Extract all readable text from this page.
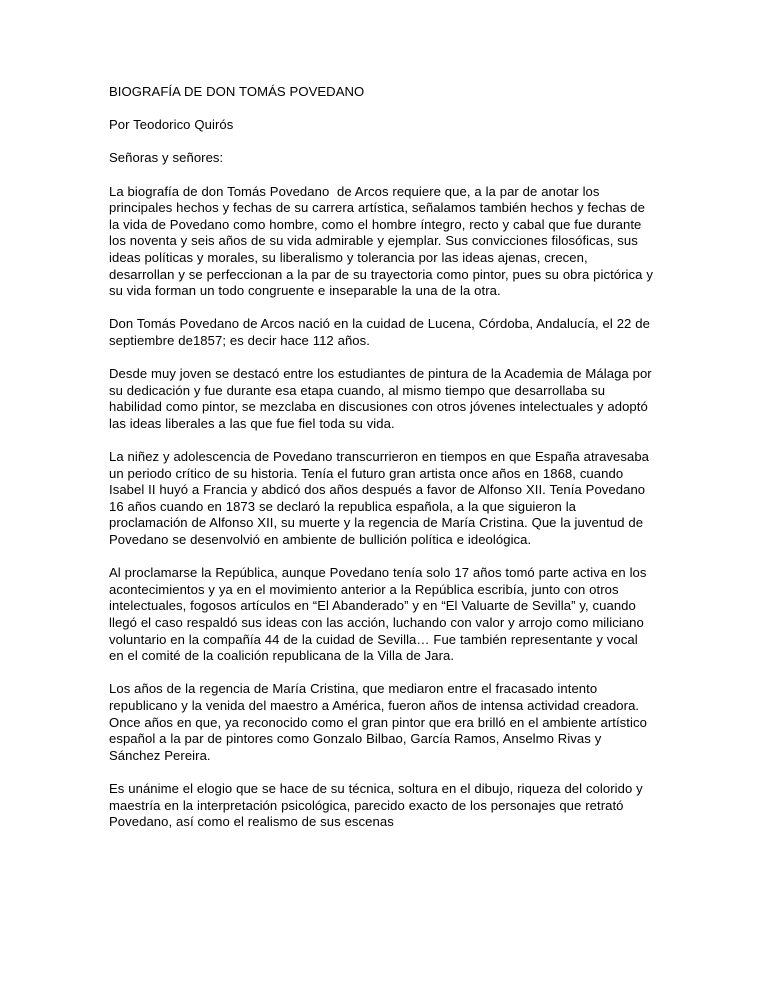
BIOGRAFÍA DE DON TOMÁS POVEDANO

Por Teodorico Quirós

Señoras y señores:

La biografía de don Tomás Povedano  de Arcos requiere que, a la par de anotar los principales hechos y fechas de su carrera artística, señalamos también hechos y fechas de la vida de Povedano como hombre, como el hombre íntegro, recto y cabal que fue durante los noventa y seis años de su vida admirable y ejemplar. Sus convicciones filosóficas, sus ideas políticas y morales, su liberalismo y tolerancia por las ideas ajenas, crecen, desarrollan y se perfeccionan a la par de su trayectoria como pintor, pues su obra pictórica y su vida forman un todo congruente e inseparable la una de la otra.

Don Tomás Povedano de Arcos nació en la cuidad de Lucena, Córdoba, Andalucía, el 22 de septiembre de1857; es decir hace 112 años.

Desde muy joven se destacó entre los estudiantes de pintura de la Academia de Málaga por su dedicación y fue durante esa etapa cuando, al mismo tiempo que desarrollaba su habilidad como pintor, se mezclaba en discusiones con otros jóvenes intelectuales y adoptó las ideas liberales a las que fue fiel toda su vida.

La niñez y adolescencia de Povedano transcurrieron en tiempos en que España atravesaba un periodo crítico de su historia. Tenía el futuro gran artista once años en 1868, cuando Isabel II huyó a Francia y abdicó dos años después a favor de Alfonso XII. Tenía Povedano 16 años cuando en 1873 se declaró la republica española, a la que siguieron la proclamación de Alfonso XII, su muerte y la regencia de María Cristina. Que la juventud de Povedano se desenvolvió en ambiente de bullición política e ideológica.

Al proclamarse la República, aunque Povedano tenía solo 17 años tomó parte activa en los acontecimientos y ya en el movimiento anterior a la República escribía, junto con otros intelectuales, fogosos artículos en “El Abanderado” y en “El Valuarte de Sevilla” y, cuando llegó el caso respaldó sus ideas con las acción, luchando con valor y arrojo como miliciano voluntario en la compañía 44 de la cuidad de Sevilla… Fue también representante y vocal en el comité de la coalición republicana de la Villa de Jara.

Los años de la regencia de María Cristina, que mediaron entre el fracasado intento republicano y la venida del maestro a América, fueron años de intensa actividad creadora. Once años en que, ya reconocido como el gran pintor que era brilló en el ambiente artístico español a la par de pintores como Gonzalo Bilbao, García Ramos, Anselmo Rivas y Sánchez Pereira.

Es unánime el elogio que se hace de su técnica, soltura en el dibujo, riqueza del colorido y maestría en la interpretación psicológica, parecido exacto de los personajes que retrató Povedano, así como el realismo de sus escenas
